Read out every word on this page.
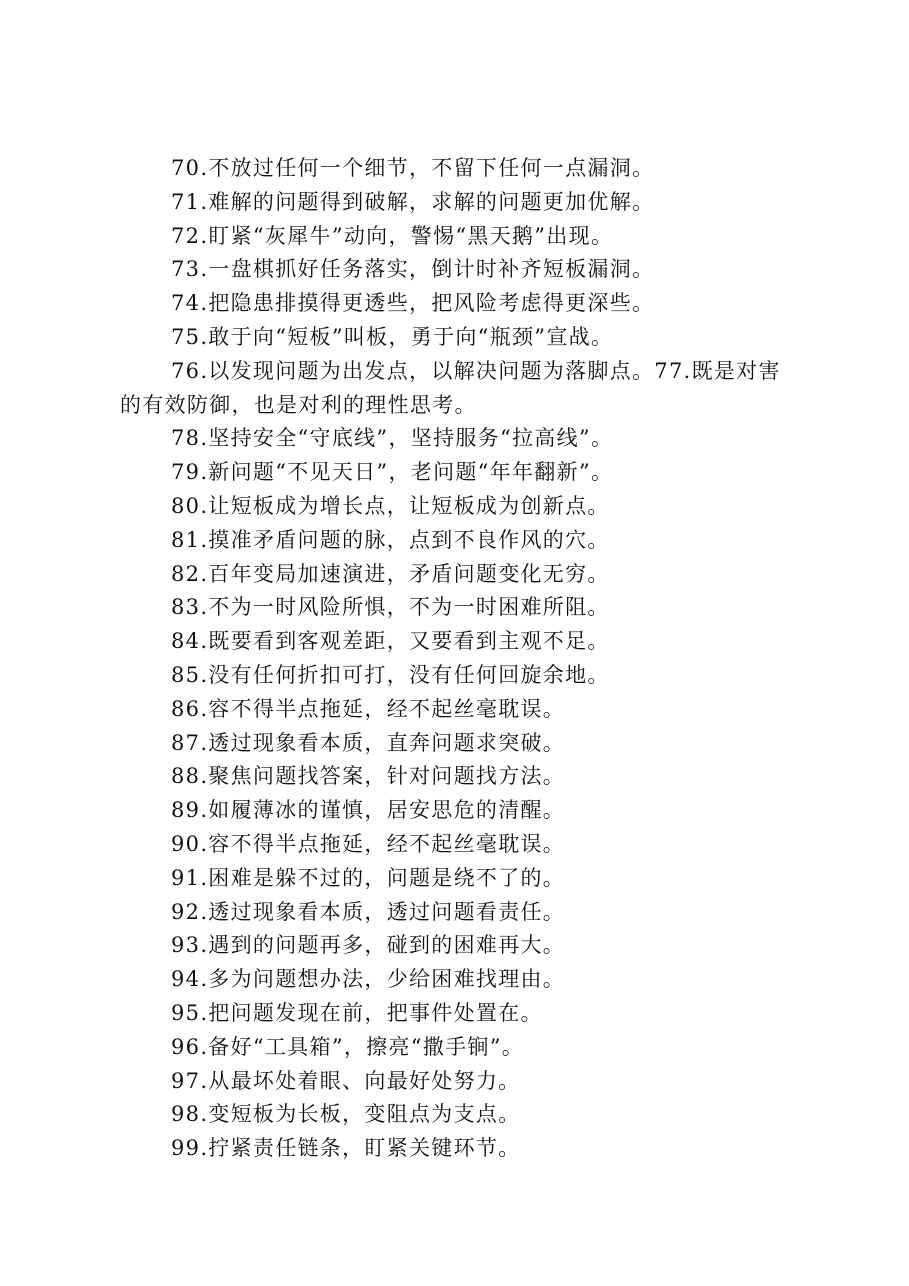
70.不放过任何一个细节，不留下任何一点漏洞。

71.难解的问题得到破解，求解的问题更加优解。

72.盯紧“灰犀牛”动向，警惕“黑天鹅”出现。

73.一盘棋抓好任务落实，倒计时补齐短板漏洞。

74.把隐患排摸得更透些，把风险考虑得更深些。

75.敢于向“短板”叫板，勇于向“瓶颈”宣战。

76.以发现问题为出发点，以解决问题为落脚点。77.既是对害的有效防御，也是对利的理性思考。

78.坚持安全“守底线”，坚持服务“拉高线”。

79.新问题“不见天日”，老问题“年年翻新”。

80.让短板成为增长点，让短板成为创新点。

81.摸准矛盾问题的脉，点到不良作风的穴。

82.百年变局加速演进，矛盾问题变化无穷。

83.不为一时风险所惧，不为一时困难所阻。

84.既要看到客观差距，又要看到主观不足。

85.没有任何折扣可打，没有任何回旋余地。

86.容不得半点拖延，经不起丝毫耽误。

87.透过现象看本质，直奔问题求突破。

88.聚焦问题找答案，针对问题找方法。

89.如履薄冰的谨慎，居安思危的清醒。

90.容不得半点拖延，经不起丝毫耽误。

91.困难是躲不过的，问题是绕不了的。

92.透过现象看本质，透过问题看责任。

93.遇到的问题再多，碰到的困难再大。

94.多为问题想办法，少给困难找理由。

95.把问题发现在前，把事件处置在。

96.备好“工具箱”，擦亮“撒手锏”。

97.从最坏处着眼、向最好处努力。

98.变短板为长板，变阻点为支点。

99.拧紧责任链条，盯紧关键环节。
